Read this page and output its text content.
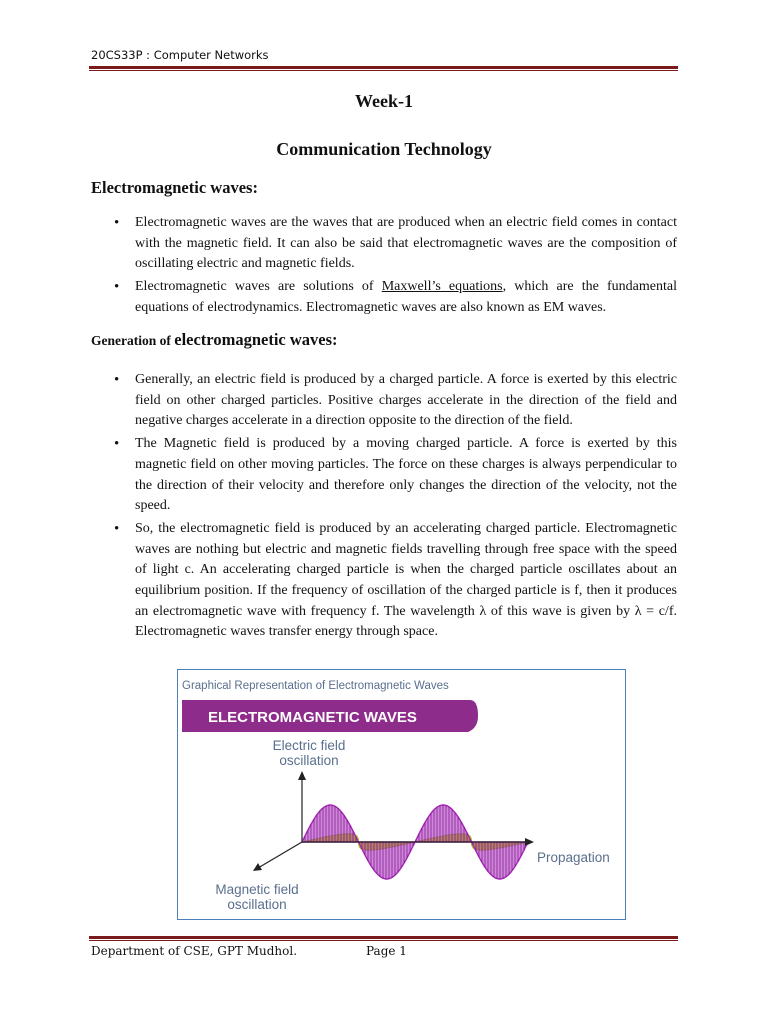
20CS33P : Computer Networks
Week-1
Communication Technology
Electromagnetic waves:
• Electromagnetic waves are the waves that are produced when an electric field comes in contact with the magnetic field. It can also be said that electromagnetic waves are the composition of oscillating electric and magnetic fields.
• Electromagnetic waves are solutions of Maxwell’s equations, which are the fundamental equations of electrodynamics. Electromagnetic waves are also known as EM waves.
Generation of electromagnetic waves:
• Generally, an electric field is produced by a charged particle. A force is exerted by this electric field on other charged particles. Positive charges accelerate in the direction of the field and negative charges accelerate in a direction opposite to the direction of the field.
• The Magnetic field is produced by a moving charged particle. A force is exerted by this magnetic field on other moving particles. The force on these charges is always perpendicular to the direction of their velocity and therefore only changes the direction of the velocity, not the speed.
• So, the electromagnetic field is produced by an accelerating charged particle. Electromagnetic waves are nothing but electric and magnetic fields travelling through free space with the speed of light c. An accelerating charged particle is when the charged particle oscillates about an equilibrium position. If the frequency of oscillation of the charged particle is f, then it produces an electromagnetic wave with frequency f. The wavelength λ of this wave is given by λ = c/f. Electromagnetic waves transfer energy through space.
Graphical Representation of Electromagnetic Waves
ELECTROMAGNETIC WAVES
Electric field
oscillation
Propagation
Magnetic field
oscillation
Department of CSE, GPT Mudhol.	Page 1
